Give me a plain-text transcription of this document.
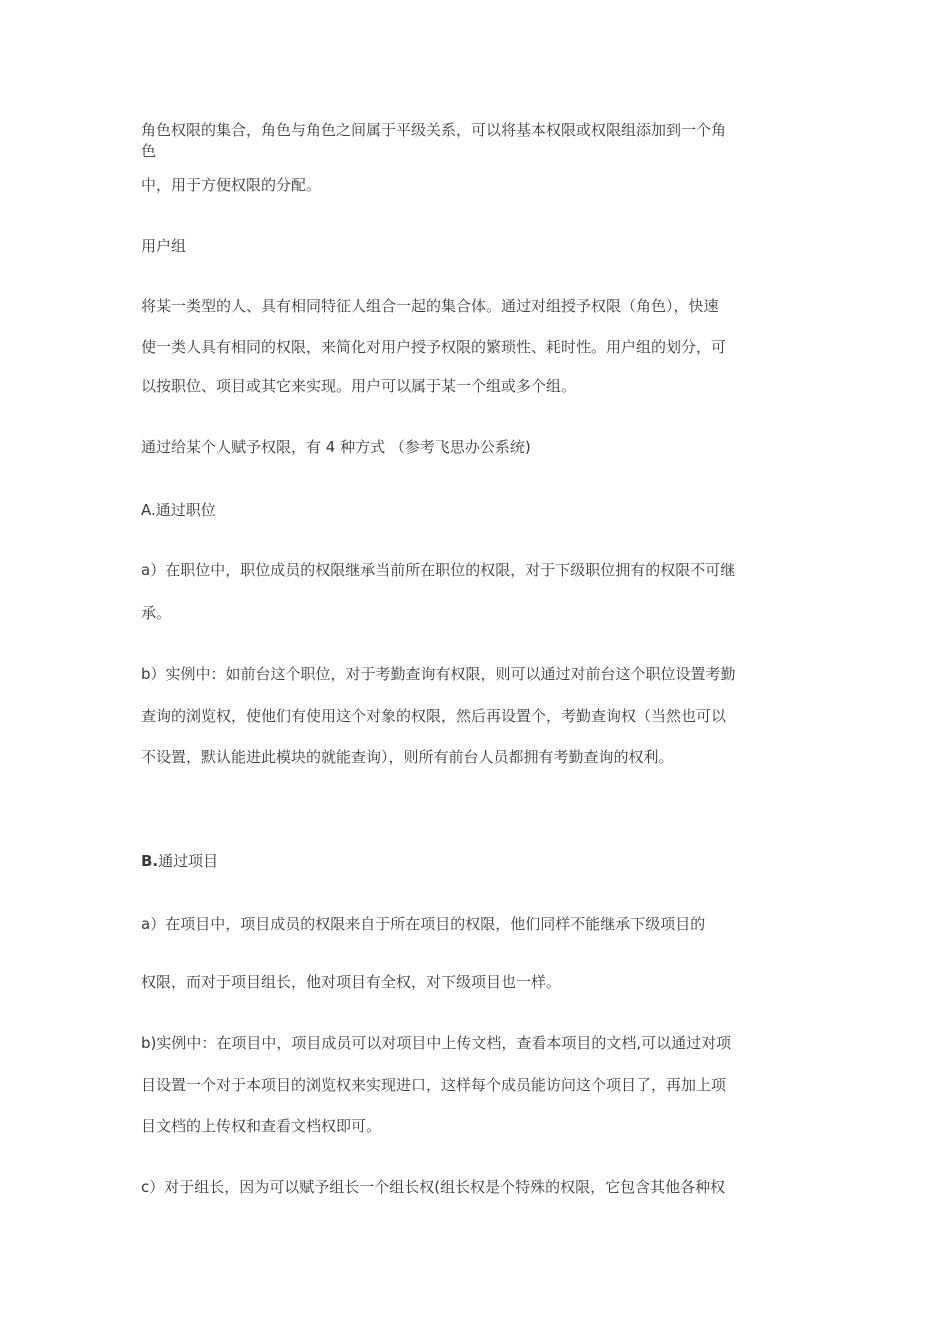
角色权限的集合，角色与角色之间属于平级关系，可以将基本权限或权限组添加到一个角
色
中，用于方便权限的分配。
用户组
将某一类型的人、具有相同特征人组合一起的集合体。通过对组授予权限（角色），快速
使一类人具有相同的权限，来简化对用户授予权限的繁琐性、耗时性。用户组的划分，可
以按职位、项目或其它来实现。用户可以属于某一个组或多个组。
通过给某个人赋予权限，有 4 种方式 （参考飞思办公系统)
A.通过职位
a）在职位中，职位成员的权限继承当前所在职位的权限，对于下级职位拥有的权限不可继
承。
b）实例中：如前台这个职位，对于考勤查询有权限，则可以通过对前台这个职位设置考勤
查询的浏览权，使他们有使用这个对象的权限，然后再设置个，考勤查询权（当然也可以
不设置，默认能进此模块的就能查询），则所有前台人员都拥有考勤查询的权利。
B.通过项目
a）在项目中，项目成员的权限来自于所在项目的权限，他们同样不能继承下级项目的
权限，而对于项目组长，他对项目有全权，对下级项目也一样。
b)实例中：在项目中，项目成员可以对项目中上传文档，查看本项目的文档,可以通过对项
目设置一个对于本项目的浏览权来实现进口，这样每个成员能访问这个项目了，再加上项
目文档的上传权和查看文档权即可。
c）对于组长，因为可以赋予组长一个组长权(组长权是个特殊的权限，它包含其他各种权
